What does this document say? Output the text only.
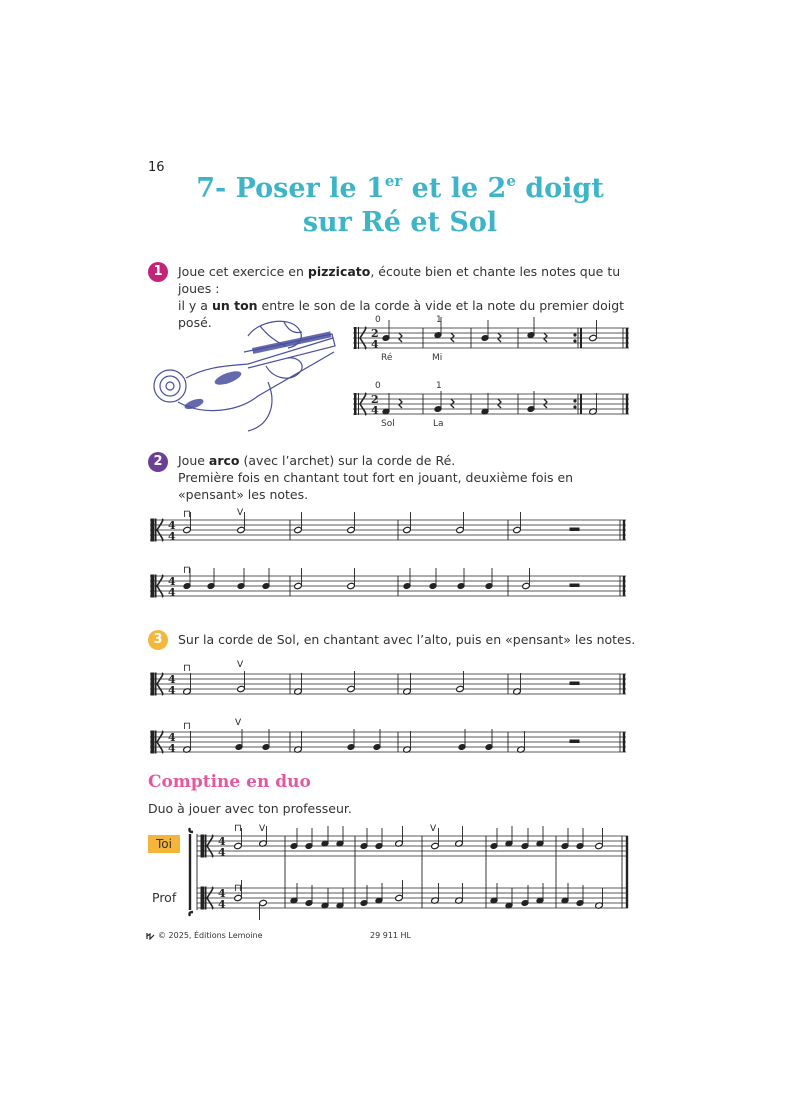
16
7- Poser le 1er et le 2e doigt
sur Ré et Sol
1	Joue cet exercice en pizzicato, écoute bien et chante les notes que tu joues :
il y a un ton entre le son de la corde à vide et la note du premier doigt posé.	0	1
2
4
Ré	Mi
0	1
2
4
Sol	La
2	Joue arco (avec l’archet) sur la corde de Ré.
Première fois en chantant tout fort en jouant, deuxième fois en «pensant» les notes.
⊓	V
4
4
⊓
4
4
3	Sur la corde de Sol, en chantant avec l’alto, puis en «pensant» les notes.
⊓	V
4
4
⊓	V
4
4
Comptine en duo
Duo à jouer avec ton professeur.
Toi
Prof
⊓ V	V
⊓
4
4
4
4
© 2025, Éditions Lemoine	29 911 HL
